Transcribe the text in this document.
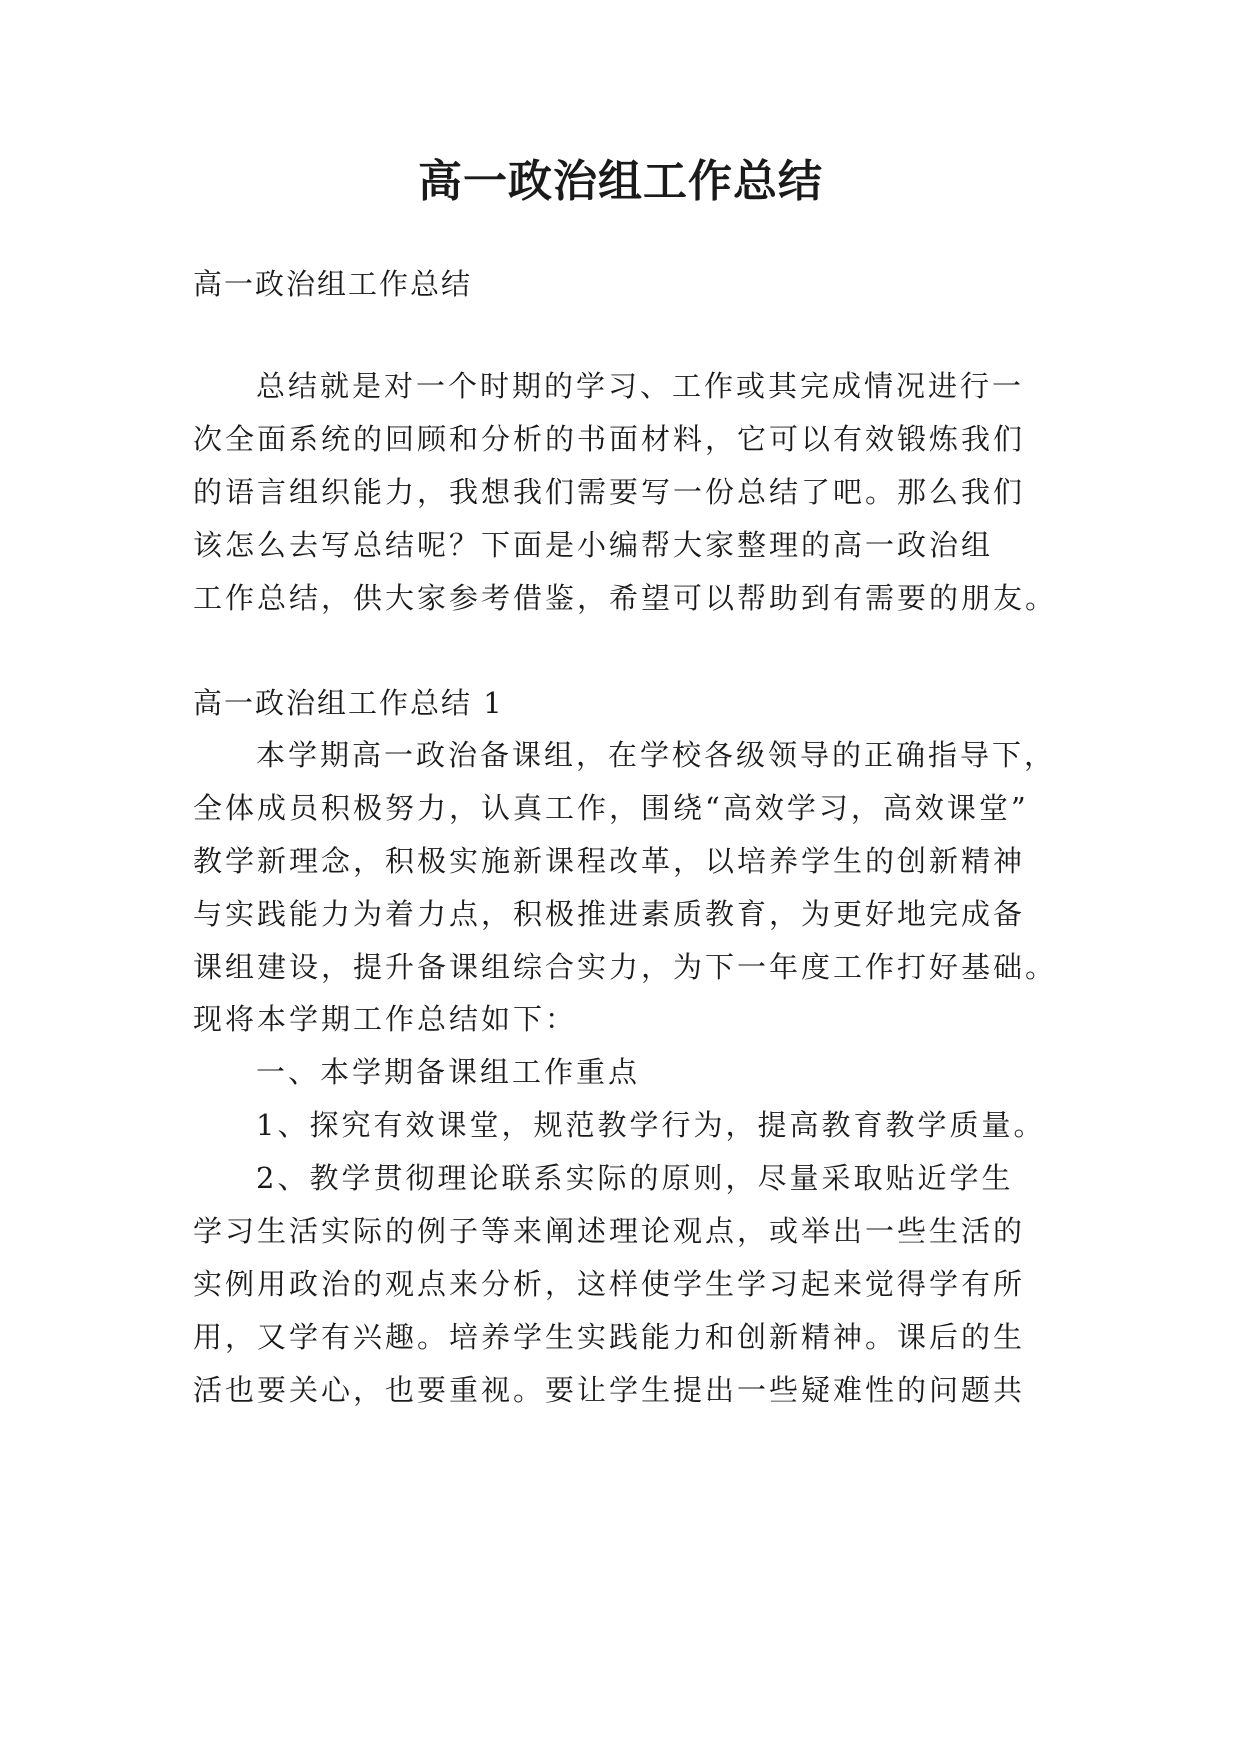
高一政治组工作总结

高一政治组工作总结

总结就是对一个时期的学习、工作或其完成情况进行一

次全面系统的回顾和分析的书面材料，它可以有效锻炼我们

的语言组织能力，我想我们需要写一份总结了吧。那么我们

该怎么去写总结呢？下面是小编帮大家整理的高一政治组

工作总结，供大家参考借鉴，希望可以帮助到有需要的朋友。

高一政治组工作总结 1

本学期高一政治备课组，在学校各级领导的正确指导下，

全体成员积极努力，认真工作，围绕“高效学习，高效课堂”

教学新理念，积极实施新课程改革，以培养学生的创新精神

与实践能力为着力点，积极推进素质教育，为更好地完成备

课组建设，提升备课组综合实力，为下一年度工作打好基础。

现将本学期工作总结如下：

一、本学期备课组工作重点

1、探究有效课堂，规范教学行为，提高教育教学质量。

2、教学贯彻理论联系实际的原则，尽量采取贴近学生

学习生活实际的例子等来阐述理论观点，或举出一些生活的

实例用政治的观点来分析，这样使学生学习起来觉得学有所

用，又学有兴趣。培养学生实践能力和创新精神。课后的生

活也要关心，也要重视。要让学生提出一些疑难性的问题共
